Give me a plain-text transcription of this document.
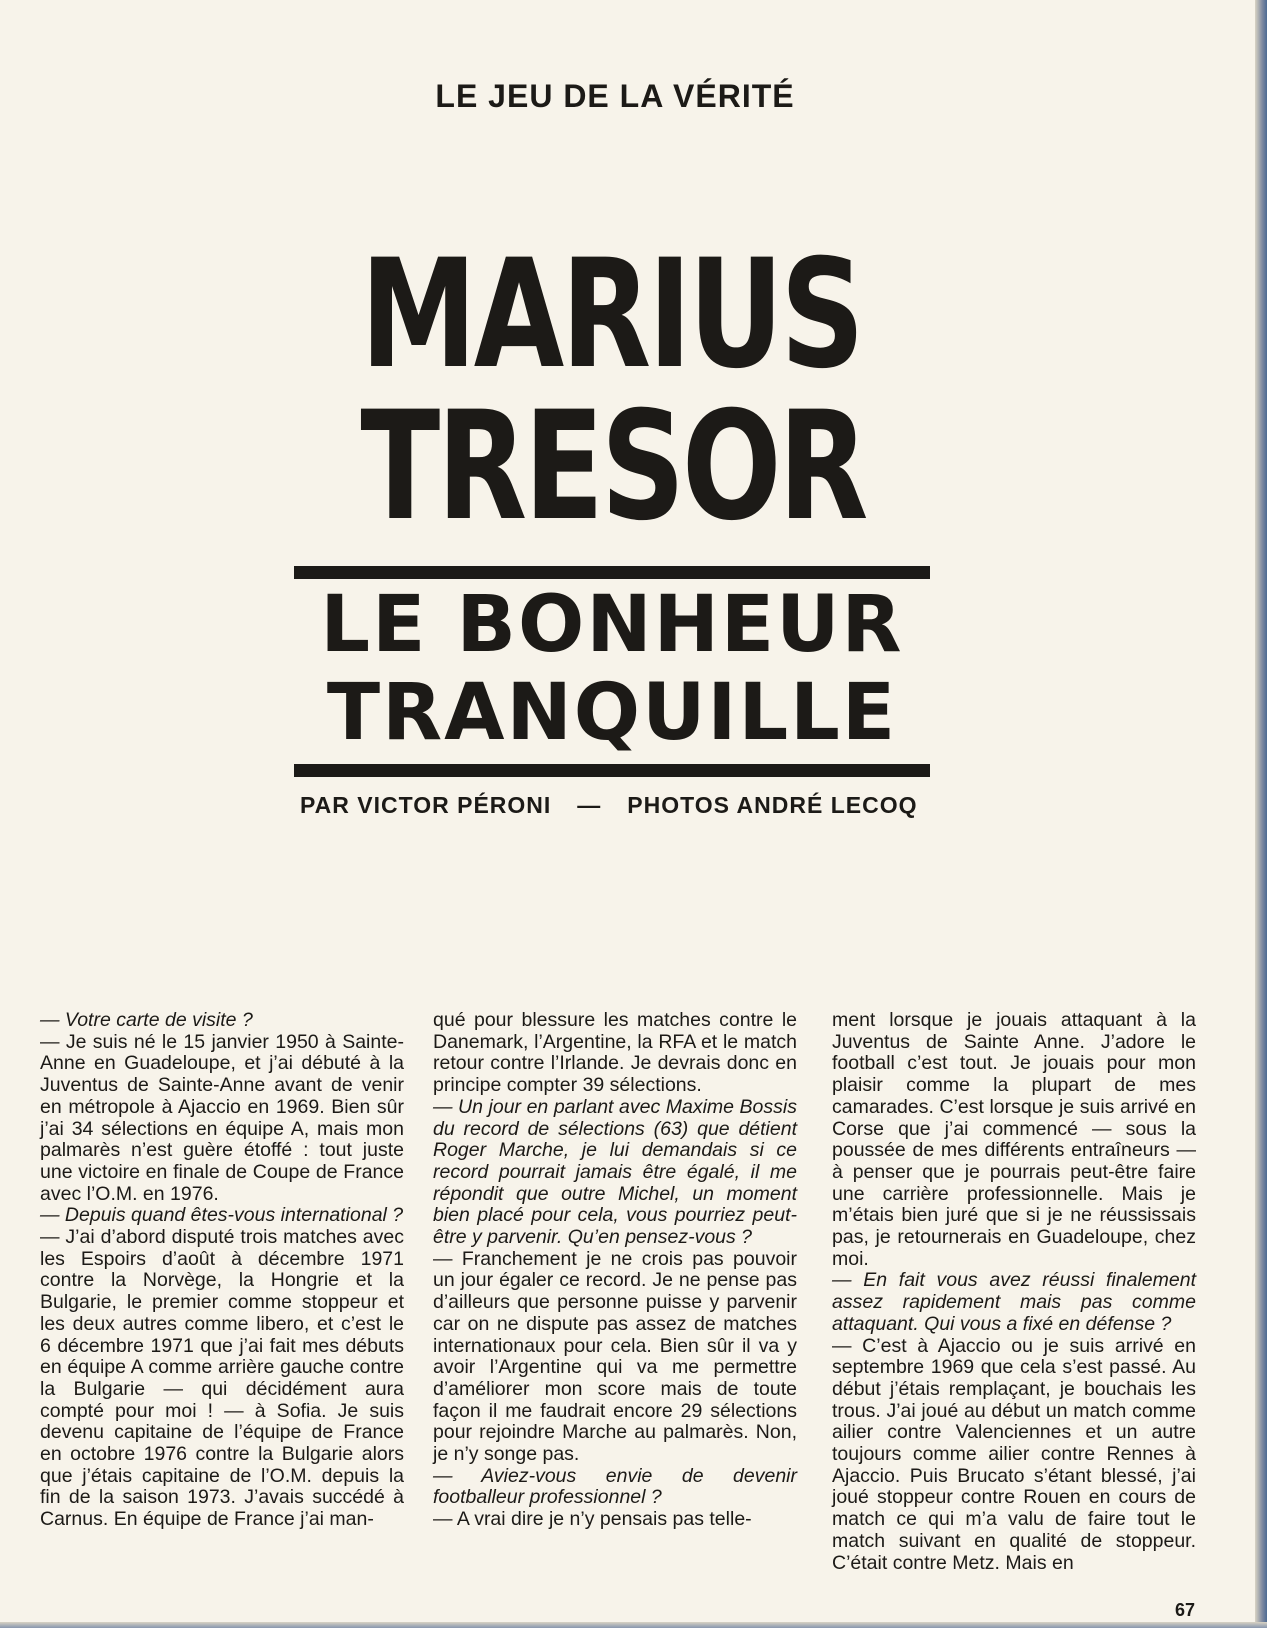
LE JEU DE LA VÉRITÉ
MARIUS
TRESOR
LE BONHEUR
TRANQUILLE
PAR VICTOR PÉRONI — PHOTOS ANDRÉ LECOQ

— Votre carte de visite ?

— Je suis né le 15 janvier 1950 à Sainte-Anne en Guadeloupe, et j’ai débuté à la Juventus de Sainte-Anne avant de venir en métropole à Ajaccio en 1969. Bien sûr j’ai 34 sélections en équipe A, mais mon palmarès n’est guère étoffé : tout juste une victoire en finale de Coupe de France avec l’O.M. en 1976.

— Depuis quand êtes-vous international ?

— J’ai d’abord disputé trois matches avec les Espoirs d’août à décembre 1971 contre la Norvège, la Hongrie et la Bulgarie, le premier comme stoppeur et les deux autres comme libero, et c’est le 6 décembre 1971 que j’ai fait mes débuts en équipe A comme arrière gauche contre la Bulgarie — qui décidément aura compté pour moi ! — à Sofia. Je suis devenu capitaine de l’équipe de France en octobre 1976 contre la Bulgarie alors que j’étais capitaine de l’O.M. depuis la fin de la saison 1973. J’avais succédé à Carnus. En équipe de France j’ai man-

qué pour blessure les matches contre le Danemark, l’Argentine, la RFA et le match retour contre l’Irlande. Je devrais donc en principe compter 39 sélections.

— Un jour en parlant avec Maxime Bossis du record de sélections (63) que détient Roger Marche, je lui demandais si ce record pourrait jamais être égalé, il me répondit que outre Michel, un moment bien placé pour cela, vous pourriez peut-être y parvenir. Qu’en pensez-vous ?

— Franchement je ne crois pas pouvoir un jour égaler ce record. Je ne pense pas d’ailleurs que personne puisse y parvenir car on ne dispute pas assez de matches internationaux pour cela. Bien sûr il va y avoir l’Argentine qui va me permettre d’améliorer mon score mais de toute façon il me faudrait encore 29 sélections pour rejoindre Marche au palmarès. Non, je n’y songe pas.

— Aviez-vous envie de devenir footballeur professionnel ?

— A vrai dire je n’y pensais pas telle-

ment lorsque je jouais attaquant à la Juventus de Sainte Anne. J’adore le football c’est tout. Je jouais pour mon plaisir comme la plupart de mes camarades. C’est lorsque je suis arrivé en Corse que j’ai commencé — sous la poussée de mes différents entraîneurs — à penser que je pourrais peut-être faire une carrière professionnelle. Mais je m’étais bien juré que si je ne réussissais pas, je retournerais en Guadeloupe, chez moi.

— En fait vous avez réussi finalement assez rapidement mais pas comme attaquant. Qui vous a fixé en défense ?

— C’est à Ajaccio ou je suis arrivé en septembre 1969 que cela s’est passé. Au début j’étais remplaçant, je bouchais les trous. J’ai joué au début un match comme ailier contre Valenciennes et un autre toujours comme ailier contre Rennes à Ajaccio. Puis Brucato s’étant blessé, j’ai joué stoppeur contre Rouen en cours de match ce qui m’a valu de faire tout le match suivant en qualité de stoppeur. C’était contre Metz. Mais en

67
